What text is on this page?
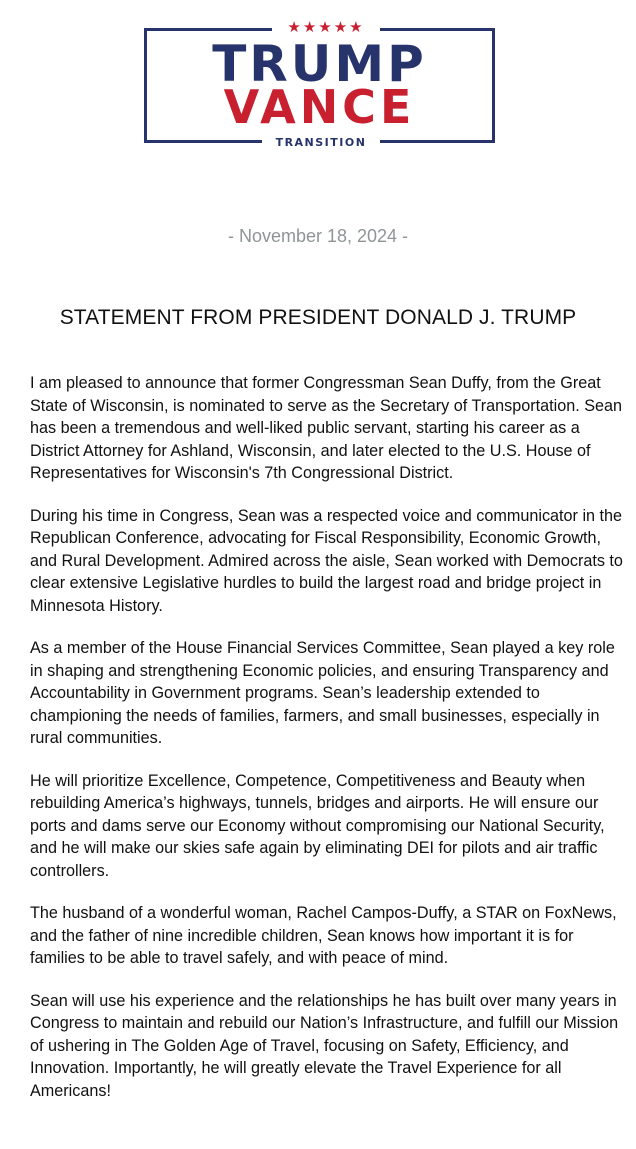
★★★★★
TRUMP
VANCE
TRANSITION
- November 18, 2024 -
STATEMENT FROM PRESIDENT DONALD J. TRUMP

I am pleased to announce that former Congressman Sean Duffy, from the Great State of Wisconsin, is nominated to serve as the Secretary of Transportation. Sean has been a tremendous and well-liked public servant, starting his career as a District Attorney for Ashland, Wisconsin, and later elected to the U.S. House of Representatives for Wisconsin's 7th Congressional District.

During his time in Congress, Sean was a respected voice and communicator in the Republican Conference, advocating for Fiscal Responsibility, Economic Growth, and Rural Development. Admired across the aisle, Sean worked with Democrats to clear extensive Legislative hurdles to build the largest road and bridge project in Minnesota History.

As a member of the House Financial Services Committee, Sean played a key role in shaping and strengthening Economic policies, and ensuring Transparency and Accountability in Government programs. Sean’s leadership extended to championing the needs of families, farmers, and small businesses, especially in rural communities.

He will prioritize Excellence, Competence, Competitiveness and Beauty when rebuilding America’s highways, tunnels, bridges and airports. He will ensure our ports and dams serve our Economy without compromising our National Security, and he will make our skies safe again by eliminating DEI for pilots and air traffic controllers.

The husband of a wonderful woman, Rachel Campos-Duffy, a STAR on FoxNews, and the father of nine incredible children, Sean knows how important it is for families to be able to travel safely, and with peace of mind.

Sean will use his experience and the relationships he has built over many years in Congress to maintain and rebuild our Nation’s Infrastructure, and fulfill our Mission of ushering in The Golden Age of Travel, focusing on Safety, Efficiency, and Innovation. Importantly, he will greatly elevate the Travel Experience for all Americans!
